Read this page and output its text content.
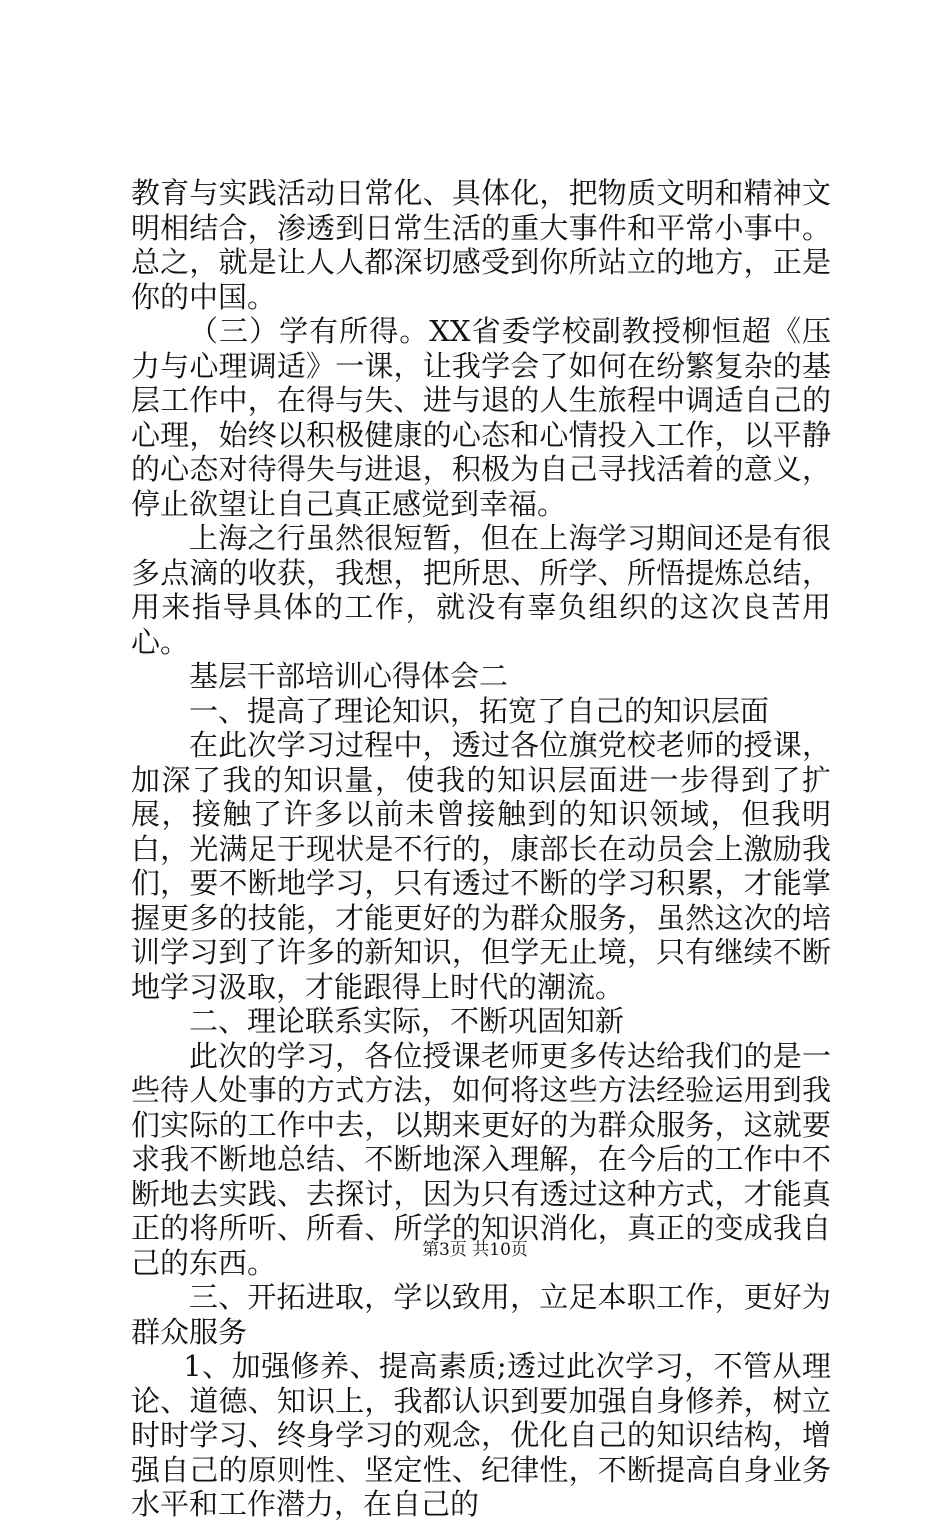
教育与实践活动日常化、具体化，把物质文明和精神文明相结合，渗透到日常生活的重大事件和平常小事中。总之，就是让人人都深切感受到你所站立的地方，正是你的中国。

（三）学有所得。XX省委学校副教授柳恒超《压力与心理调适》一课，让我学会了如何在纷繁复杂的基层工作中，在得与失、进与退的人生旅程中调适自己的心理，始终以积极健康的心态和心情投入工作，以平静的心态对待得失与进退，积极为自己寻找活着的意义，停止欲望让自己真正感觉到幸福。

上海之行虽然很短暂，但在上海学习期间还是有很多点滴的收获，我想，把所思、所学、所悟提炼总结，用来指导具体的工作，就没有辜负组织的这次良苦用心。

基层干部培训心得体会二

一、提高了理论知识，拓宽了自己的知识层面

在此次学习过程中，透过各位旗党校老师的授课，加深了我的知识量，使我的知识层面进一步得到了扩展，接触了许多以前未曾接触到的知识领域，但我明白，光满足于现状是不行的，康部长在动员会上激励我们，要不断地学习，只有透过不断的学习积累，才能掌握更多的技能，才能更好的为群众服务，虽然这次的培训学习到了许多的新知识，但学无止境，只有继续不断地学习汲取，才能跟得上时代的潮流。

二、理论联系实际，不断巩固知新

此次的学习，各位授课老师更多传达给我们的是一些待人处事的方式方法，如何将这些方法经验运用到我们实际的工作中去，以期来更好的为群众服务，这就要求我不断地总结、不断地深入理解，在今后的工作中不断地去实践、去探讨，因为只有透过这种方式，才能真正的将所听、所看、所学的知识消化，真正的变成我自己的东西。

三、开拓进取，学以致用，立足本职工作，更好为群众服务

1、加强修养、提高素质;透过此次学习，不管从理论、道德、知识上，我都认识到要加强自身修养，树立时时学习、终身学习的观念，优化自己的知识结构，增强自己的原则性、坚定性、纪律性，不断提高自身业务水平和工作潜力，在自己的

第3页 共10页
